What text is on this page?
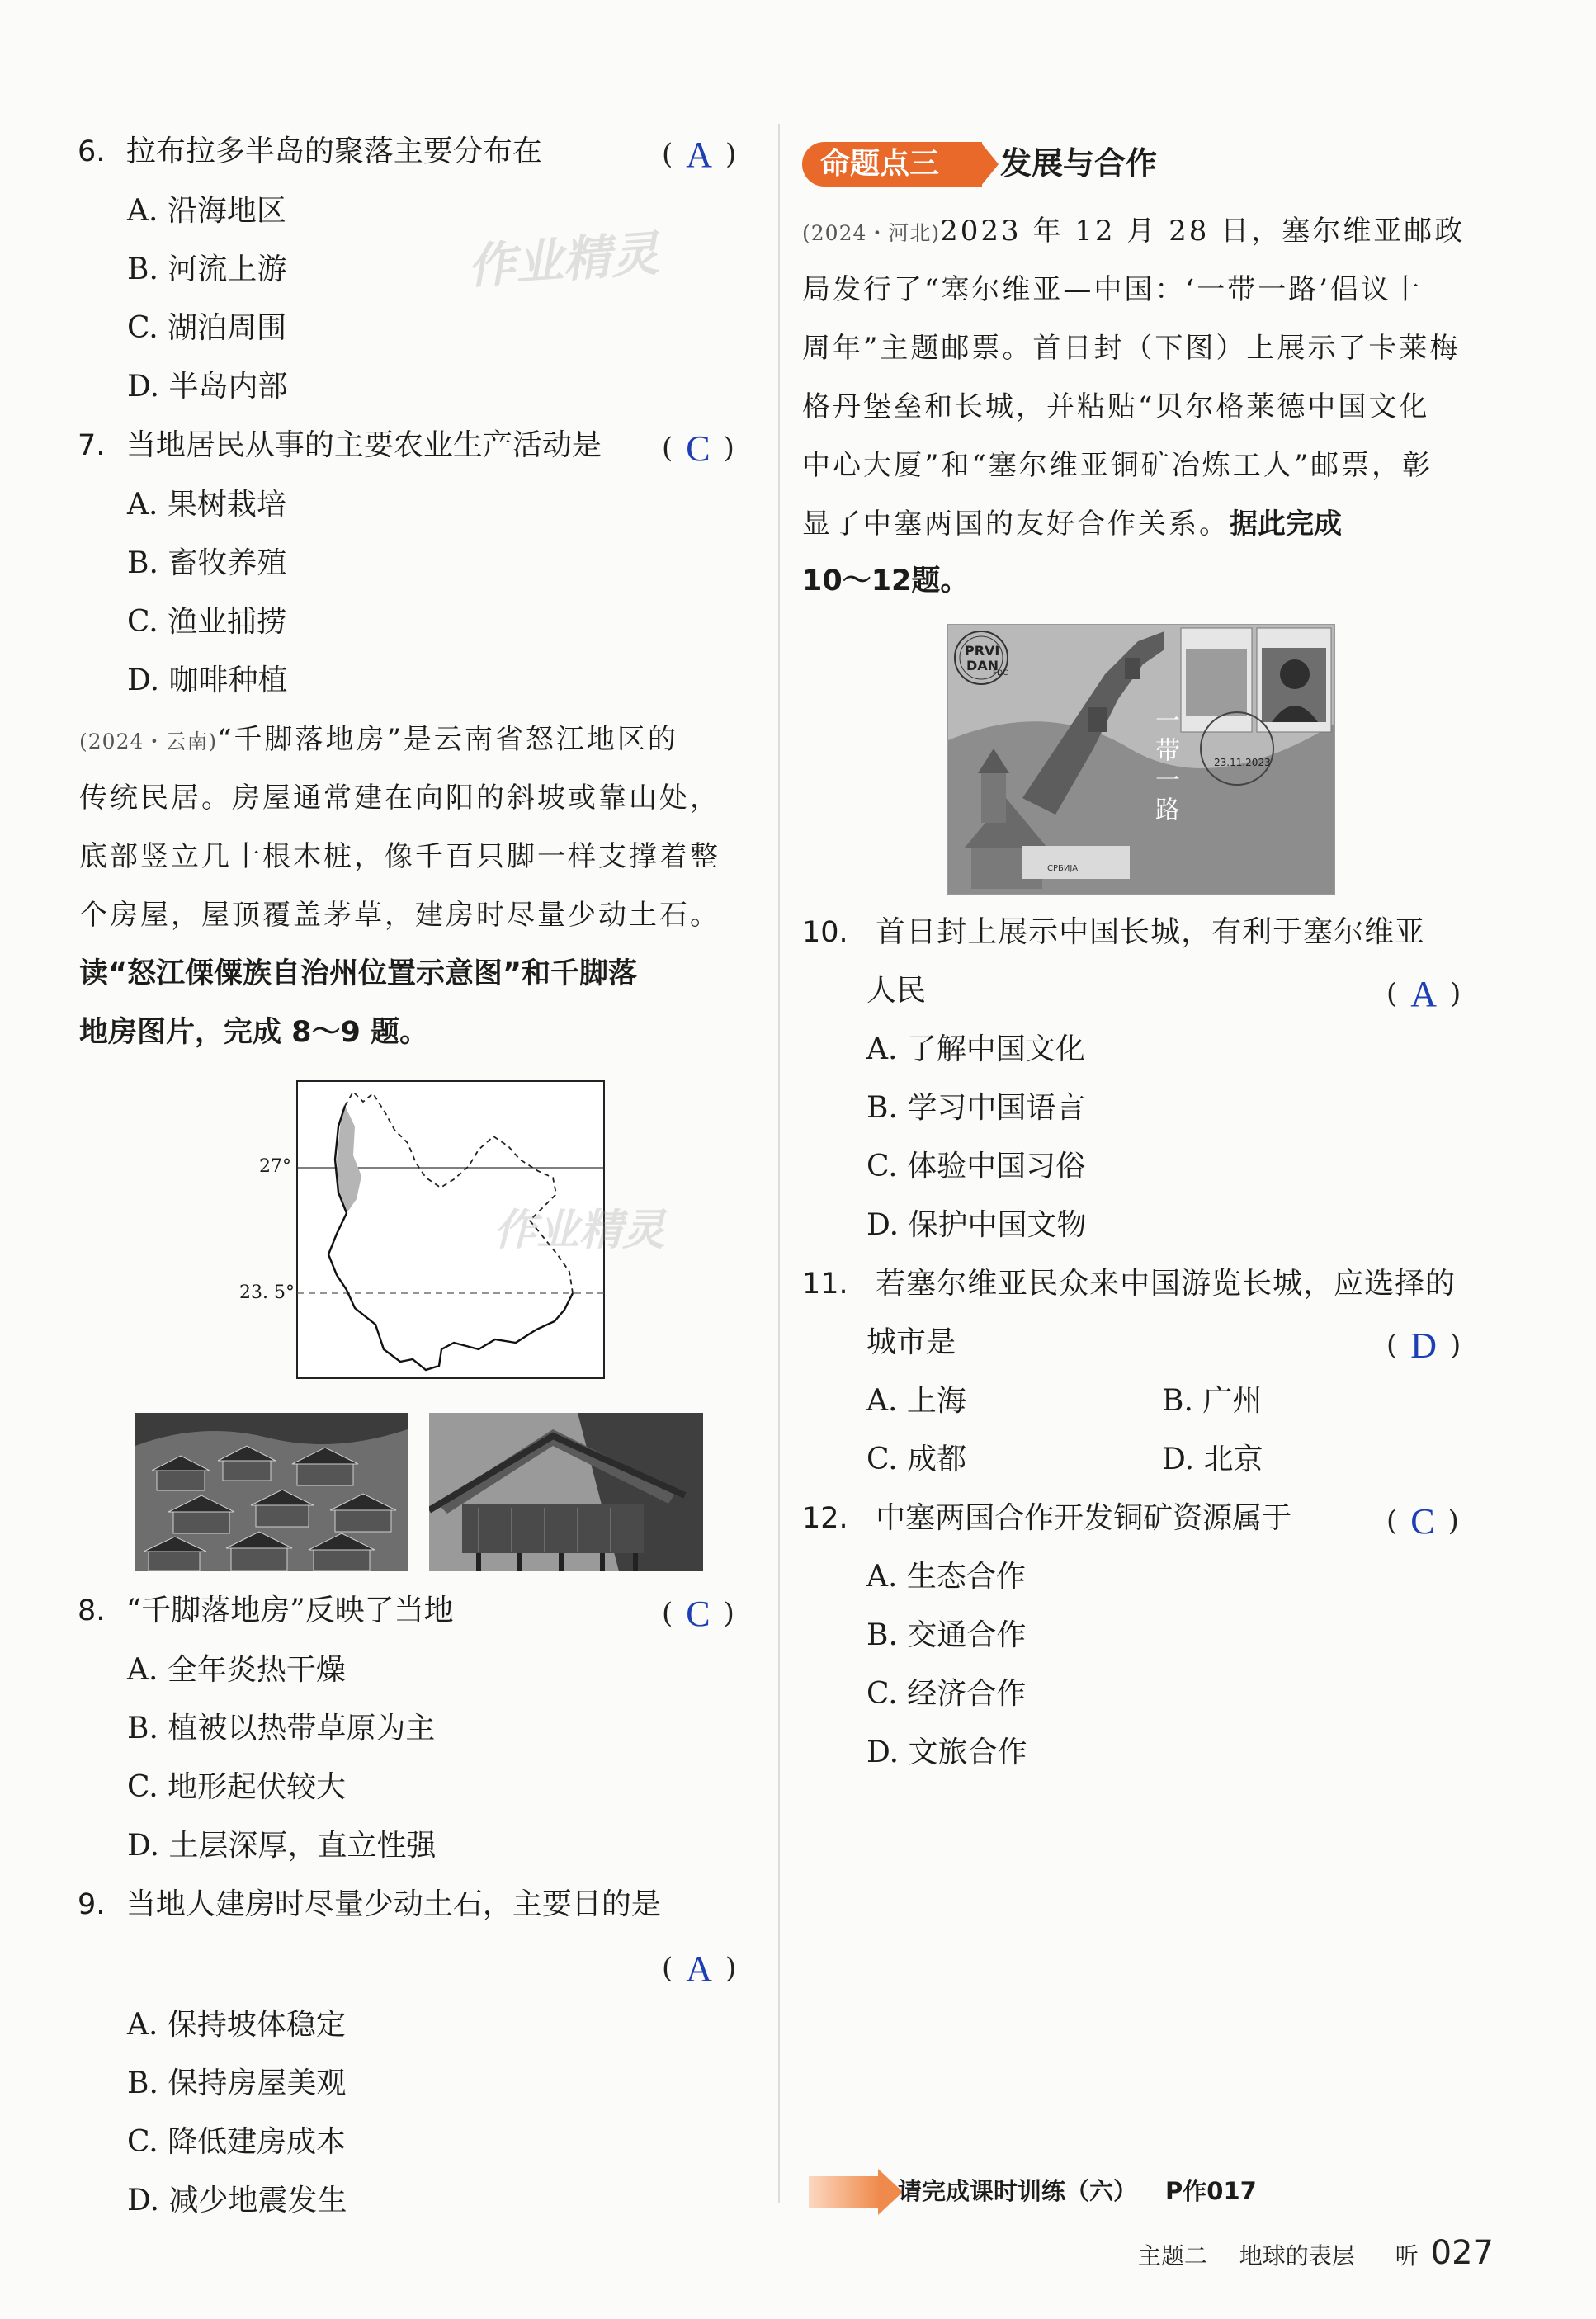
6. 拉布拉多半岛的聚落主要分布在	( A )
A. 沿海地区
B. 河流上游
C. 湖泊周围
D. 半岛内部
作业精灵
7. 当地居民从事的主要农业生产活动是 ( C )
A. 果树栽培
B. 畜牧养殖
C. 渔业捕捞
D. 咖啡种植
(2024・云南)“千脚落地房”是云南省怒江地区的
传统民居。房屋通常建在向阳的斜坡或靠山处，
底部竖立几十根木桩，像千百只脚一样支撑着整
个房屋，屋顶覆盖茅草，建房时尽量少动土石。
读“怒江傈僳族自治州位置示意图”和千脚落
地房图片，完成 8～9 题。
27°
23. 5°
作业精灵
8. “千脚落地房”反映了当地	( C )
A. 全年炎热干燥
B. 植被以热带草原为主
C. 地形起伏较大
D. 土层深厚，直立性强
9. 当地人建房时尽量少动土石，主要目的是
( A )
A. 保持坡体稳定
B. 保持房屋美观
C. 降低建房成本
D. 减少地震发生
命题点三	发展与合作
(2024・河北)2023 年 12 月 28 日，塞尔维亚邮政
局发行了“塞尔维亚—中国：‘一带一路’倡议十
周年”主题邮票。首日封（下图）上展示了卡莱梅
格丹堡垒和长城，并粘贴“贝尔格莱德中国文化
中心大厦”和“塞尔维亚铜矿冶炼工人”邮票，彰
显了中塞两国的友好合作关系。据此完成
10～12题。
PRVI
DAN
FDC
23.11.2023
一带一路
СРБИЈА
10. 首日封上展示中国长城，有利于塞尔维亚
人民	( A )
A. 了解中国文化
B. 学习中国语言
C. 体验中国习俗
D. 保护中国文物
11. 若塞尔维亚民众来中国游览长城，应选择的
城市是	( D )
A. 上海	B. 广州
C. 成都	D. 北京
12. 中塞两国合作开发铜矿资源属于	( C )
A. 生态合作
B. 交通合作
C. 经济合作
D. 文旅合作
请完成课时训练（六） P作017
主题二 地球的表层 听 027
